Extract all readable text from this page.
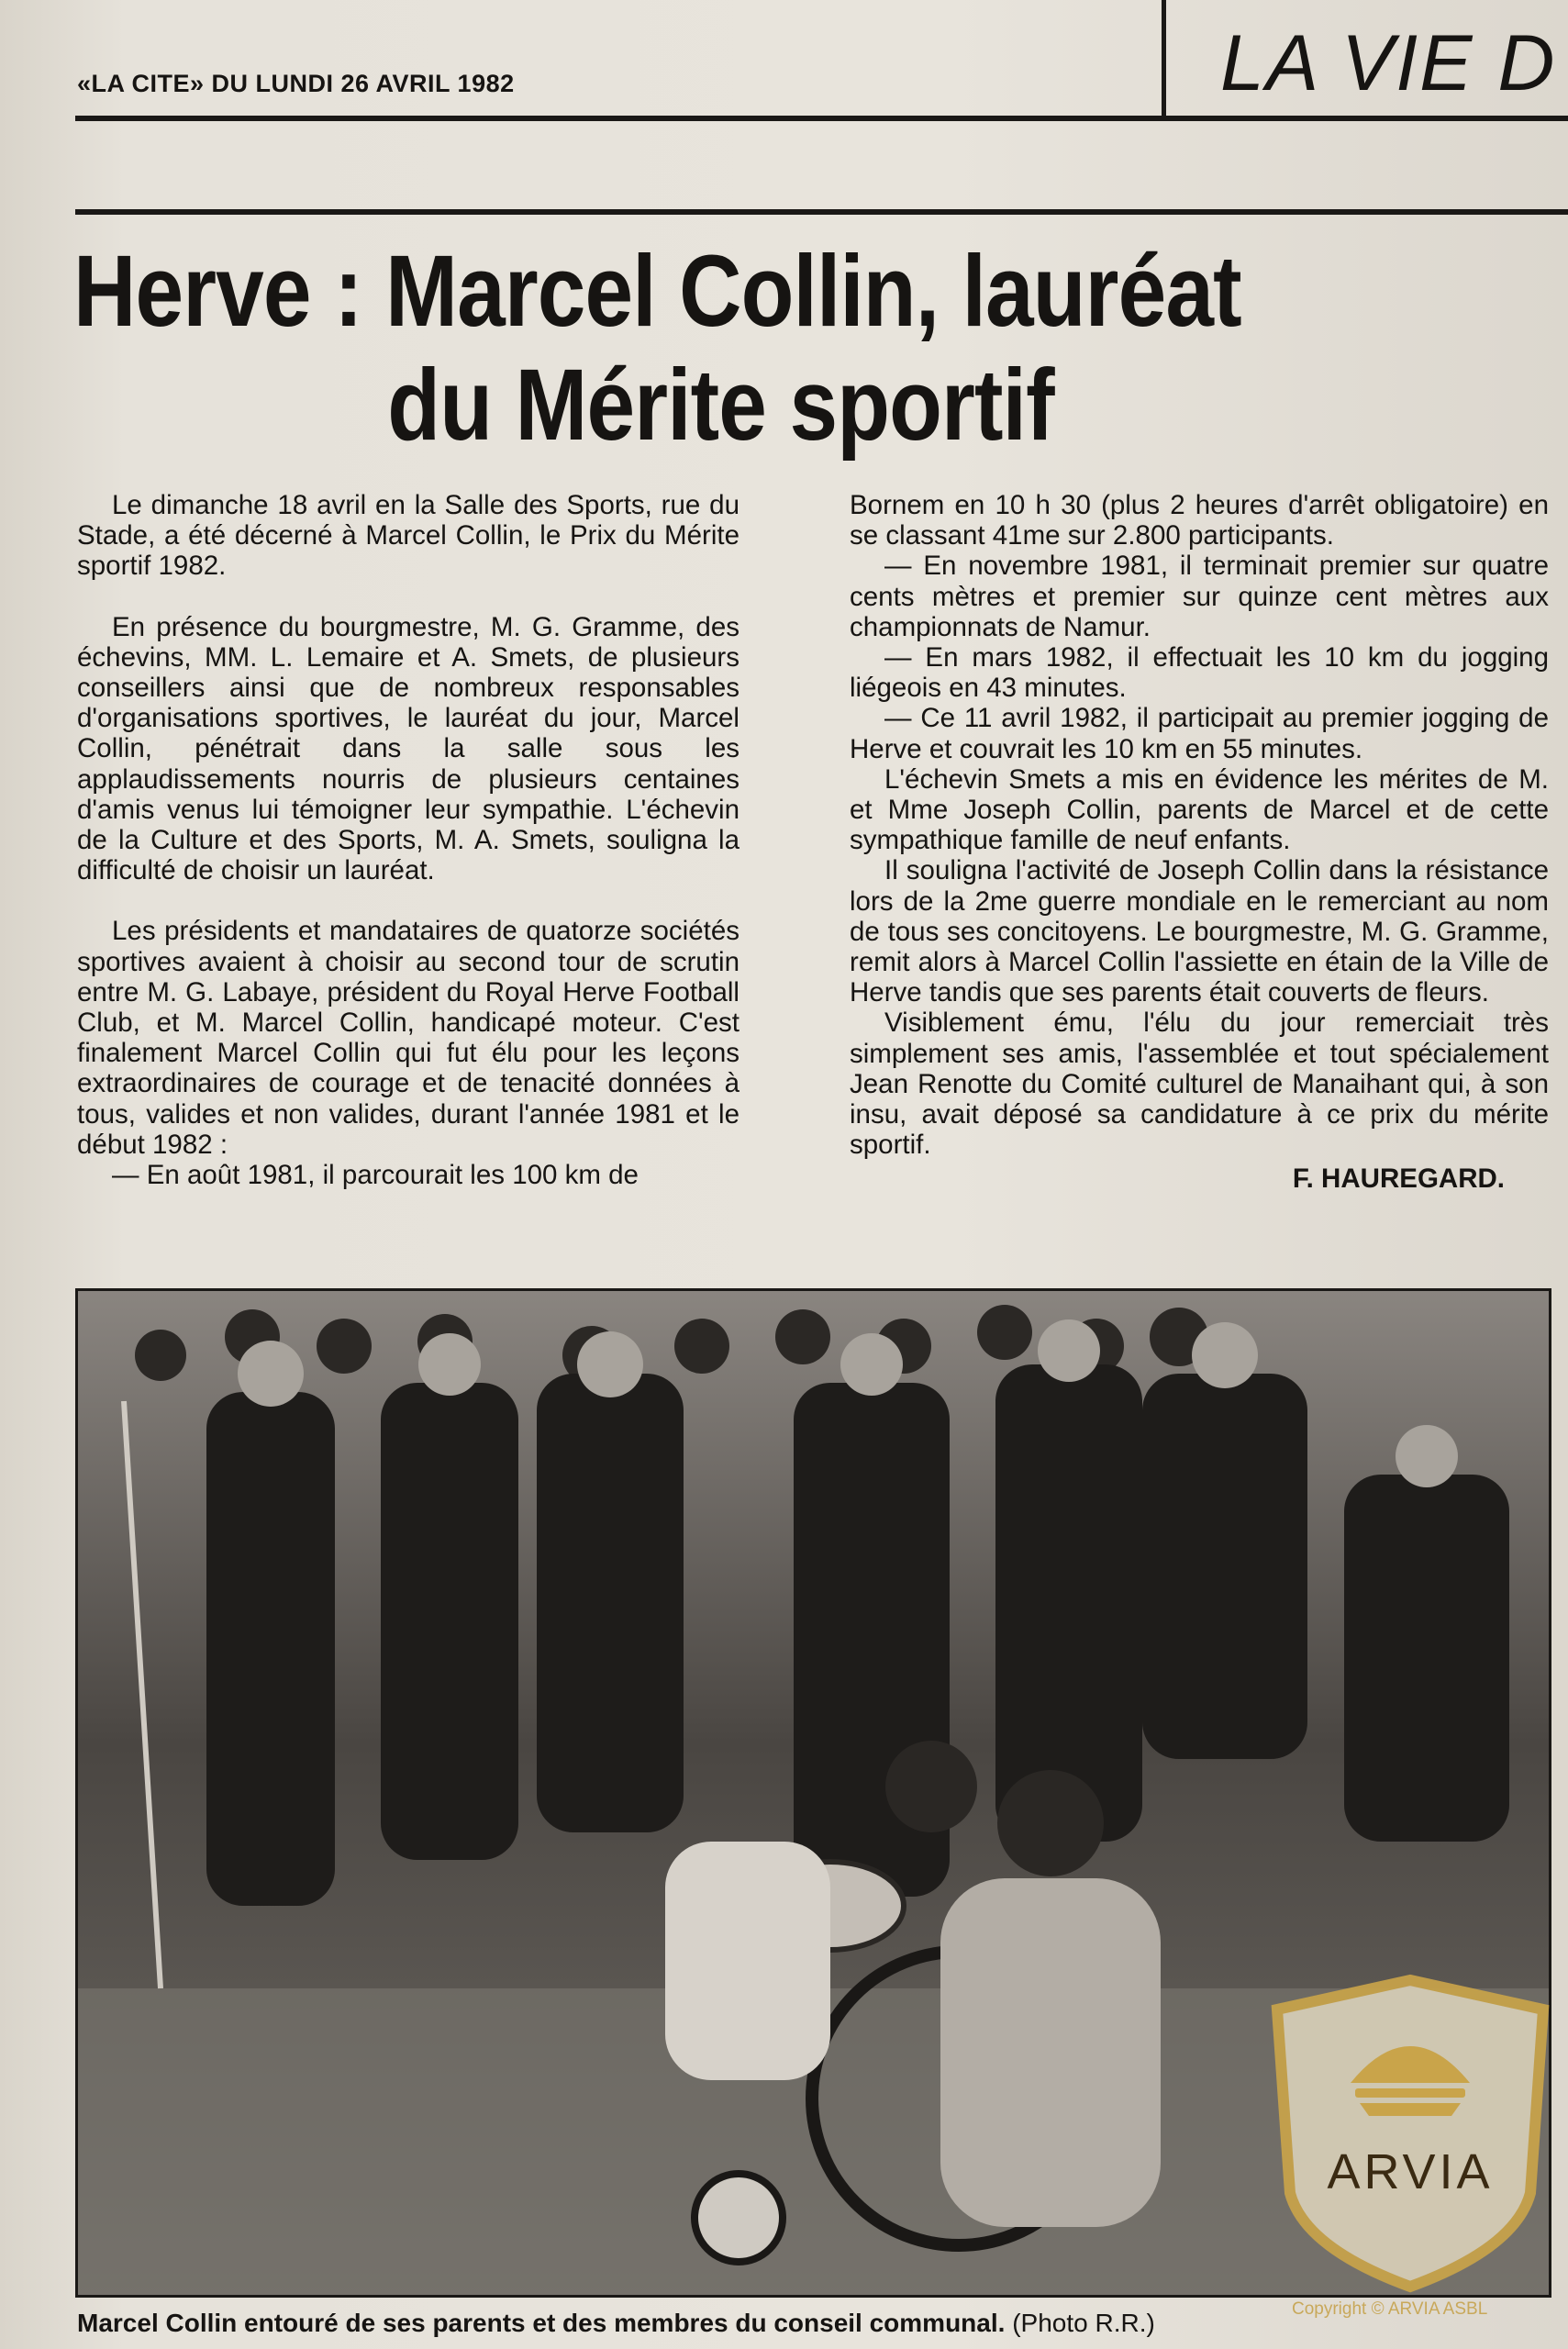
«LA CITE» DU LUNDI 26 AVRIL 1982	LA VIE D
Herve : Marcel Collin, lauréat
du Mérite sportif

Le dimanche 18 avril en la Salle des Sports, rue du Stade, a été décerné à Marcel Collin, le Prix du Mérite sportif 1982.

En présence du bourgmestre, M. G. Gramme, des échevins, MM. L. Lemaire et A. Smets, de plusieurs conseillers ainsi que de nombreux responsables d'organisations sportives, le lauréat du jour, Marcel Collin, pénétrait dans la salle sous les applaudissements nourris de plusieurs centaines d'amis venus lui témoigner leur sympathie. L'échevin de la Culture et des Sports, M. A. Smets, souligna la difficulté de choisir un lauréat.

Les présidents et mandataires de quatorze sociétés sportives avaient à choisir au second tour de scrutin entre M. G. Labaye, président du Royal Herve Football Club, et M. Marcel Collin, handicapé moteur. C'est finalement Marcel Collin qui fut élu pour les leçons extraordinaires de courage et de tenacité données à tous, valides et non valides, durant l'année 1981 et le début 1982 :

— En août 1981, il parcourait les 100 km de

Bornem en 10 h 30 (plus 2 heures d'arrêt obligatoire) en se classant 41me sur 2.800 participants.

— En novembre 1981, il terminait premier sur quatre cents mètres et premier sur quinze cent mètres aux championnats de Namur.

— En mars 1982, il effectuait les 10 km du jogging liégeois en 43 minutes.

— Ce 11 avril 1982, il participait au premier jogging de Herve et couvrait les 10 km en 55 minutes.

L'échevin Smets a mis en évidence les mérites de M. et Mme Joseph Collin, parents de Marcel et de cette sympathique famille de neuf enfants.

Il souligna l'activité de Joseph Collin dans la résistance lors de la 2me guerre mondiale en le remerciant au nom de tous ses concitoyens. Le bourgmestre, M. G. Gramme, remit alors à Marcel Collin l'assiette en étain de la Ville de Herve tandis que ses parents était couverts de fleurs.

Visiblement ému, l'élu du jour remerciait très simplement ses amis, l'assemblée et tout spécialement Jean Renotte du Comité culturel de Manaihant qui, à son insu, avait déposé sa candidature à ce prix du mérite sportif.

F. HAUREGARD.

Marcel Collin entouré de ses parents et des membres du conseil communal. (Photo R.R.)
ARVIA
Copyright © ARVIA ASBL
